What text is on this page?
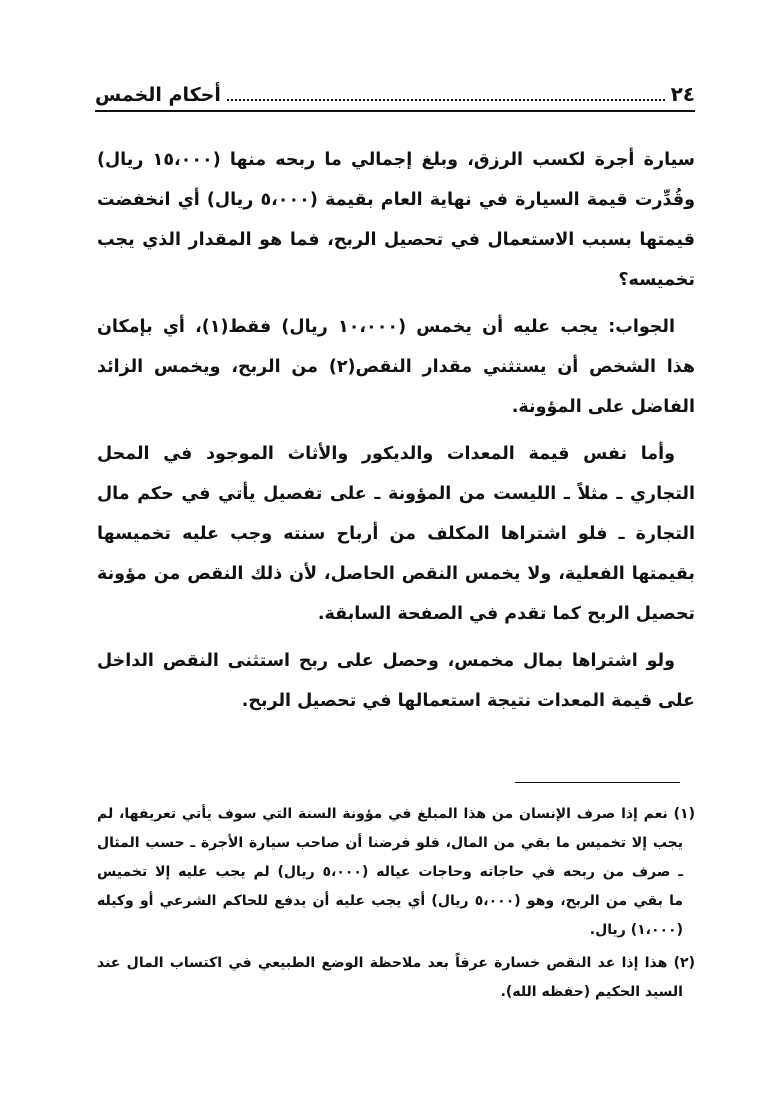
٢٤
أحكام الخمس
سيارة أجرة لكسب الرزق، وبلغ إجمالي ما ربحه منها (١٥،٠٠٠ ريال)
وقُدِّرت قيمة السيارة في نهاية العام بقيمة (٥،٠٠٠ ريال) أي انخفضت
قيمتها بسبب الاستعمال في تحصيل الربح، فما هو المقدار الذي يجب
تخميسه؟
الجواب: يجب عليه أن يخمس (١٠،٠٠٠ ريال) فقط(١)، أي بإمكان
هذا الشخص أن يستثني مقدار النقص(٢) من الربح، ويخمس الزائد
الفاضل على المؤونة.
وأما نفس قيمة المعدات والديكور والأثاث الموجود في المحل
التجاري ـ مثلاً ـ الليست من المؤونة ـ على تفصيل يأتي في حكم مال
التجارة ـ فلو اشتراها المكلف من أرباح سنته وجب عليه تخميسها
بقيمتها الفعلية، ولا يخمس النقص الحاصل، لأن ذلك النقص من مؤونة
تحصيل الربح كما تقدم في الصفحة السابقة.
ولو اشتراها بمال مخمس، وحصل على ربح استثنى النقص الداخل
على قيمة المعدات نتيجة استعمالها في تحصيل الربح.
(١) نعم إذا صرف الإنسان من هذا المبلغ في مؤونة السنة التي سوف يأتي تعريفها، لم
يجب إلا تخميس ما بقي من المال، فلو فرضنا أن صاحب سيارة الأجرة ـ حسب المثال
ـ صرف من ربحه في حاجاته وحاجات عياله (٥،٠٠٠ ريال) لم يجب عليه إلا تخميس
ما بقي من الربح، وهو (٥،٠٠٠ ريال) أي يجب عليه أن يدفع للحاكم الشرعي أو وكيله
(١،٠٠٠) ريال.
(٢) هذا إذا عد النقص خسارة عرفاً بعد ملاحظة الوضع الطبيعي في اكتساب المال عند
السيد الحكيم (حفظه الله).
